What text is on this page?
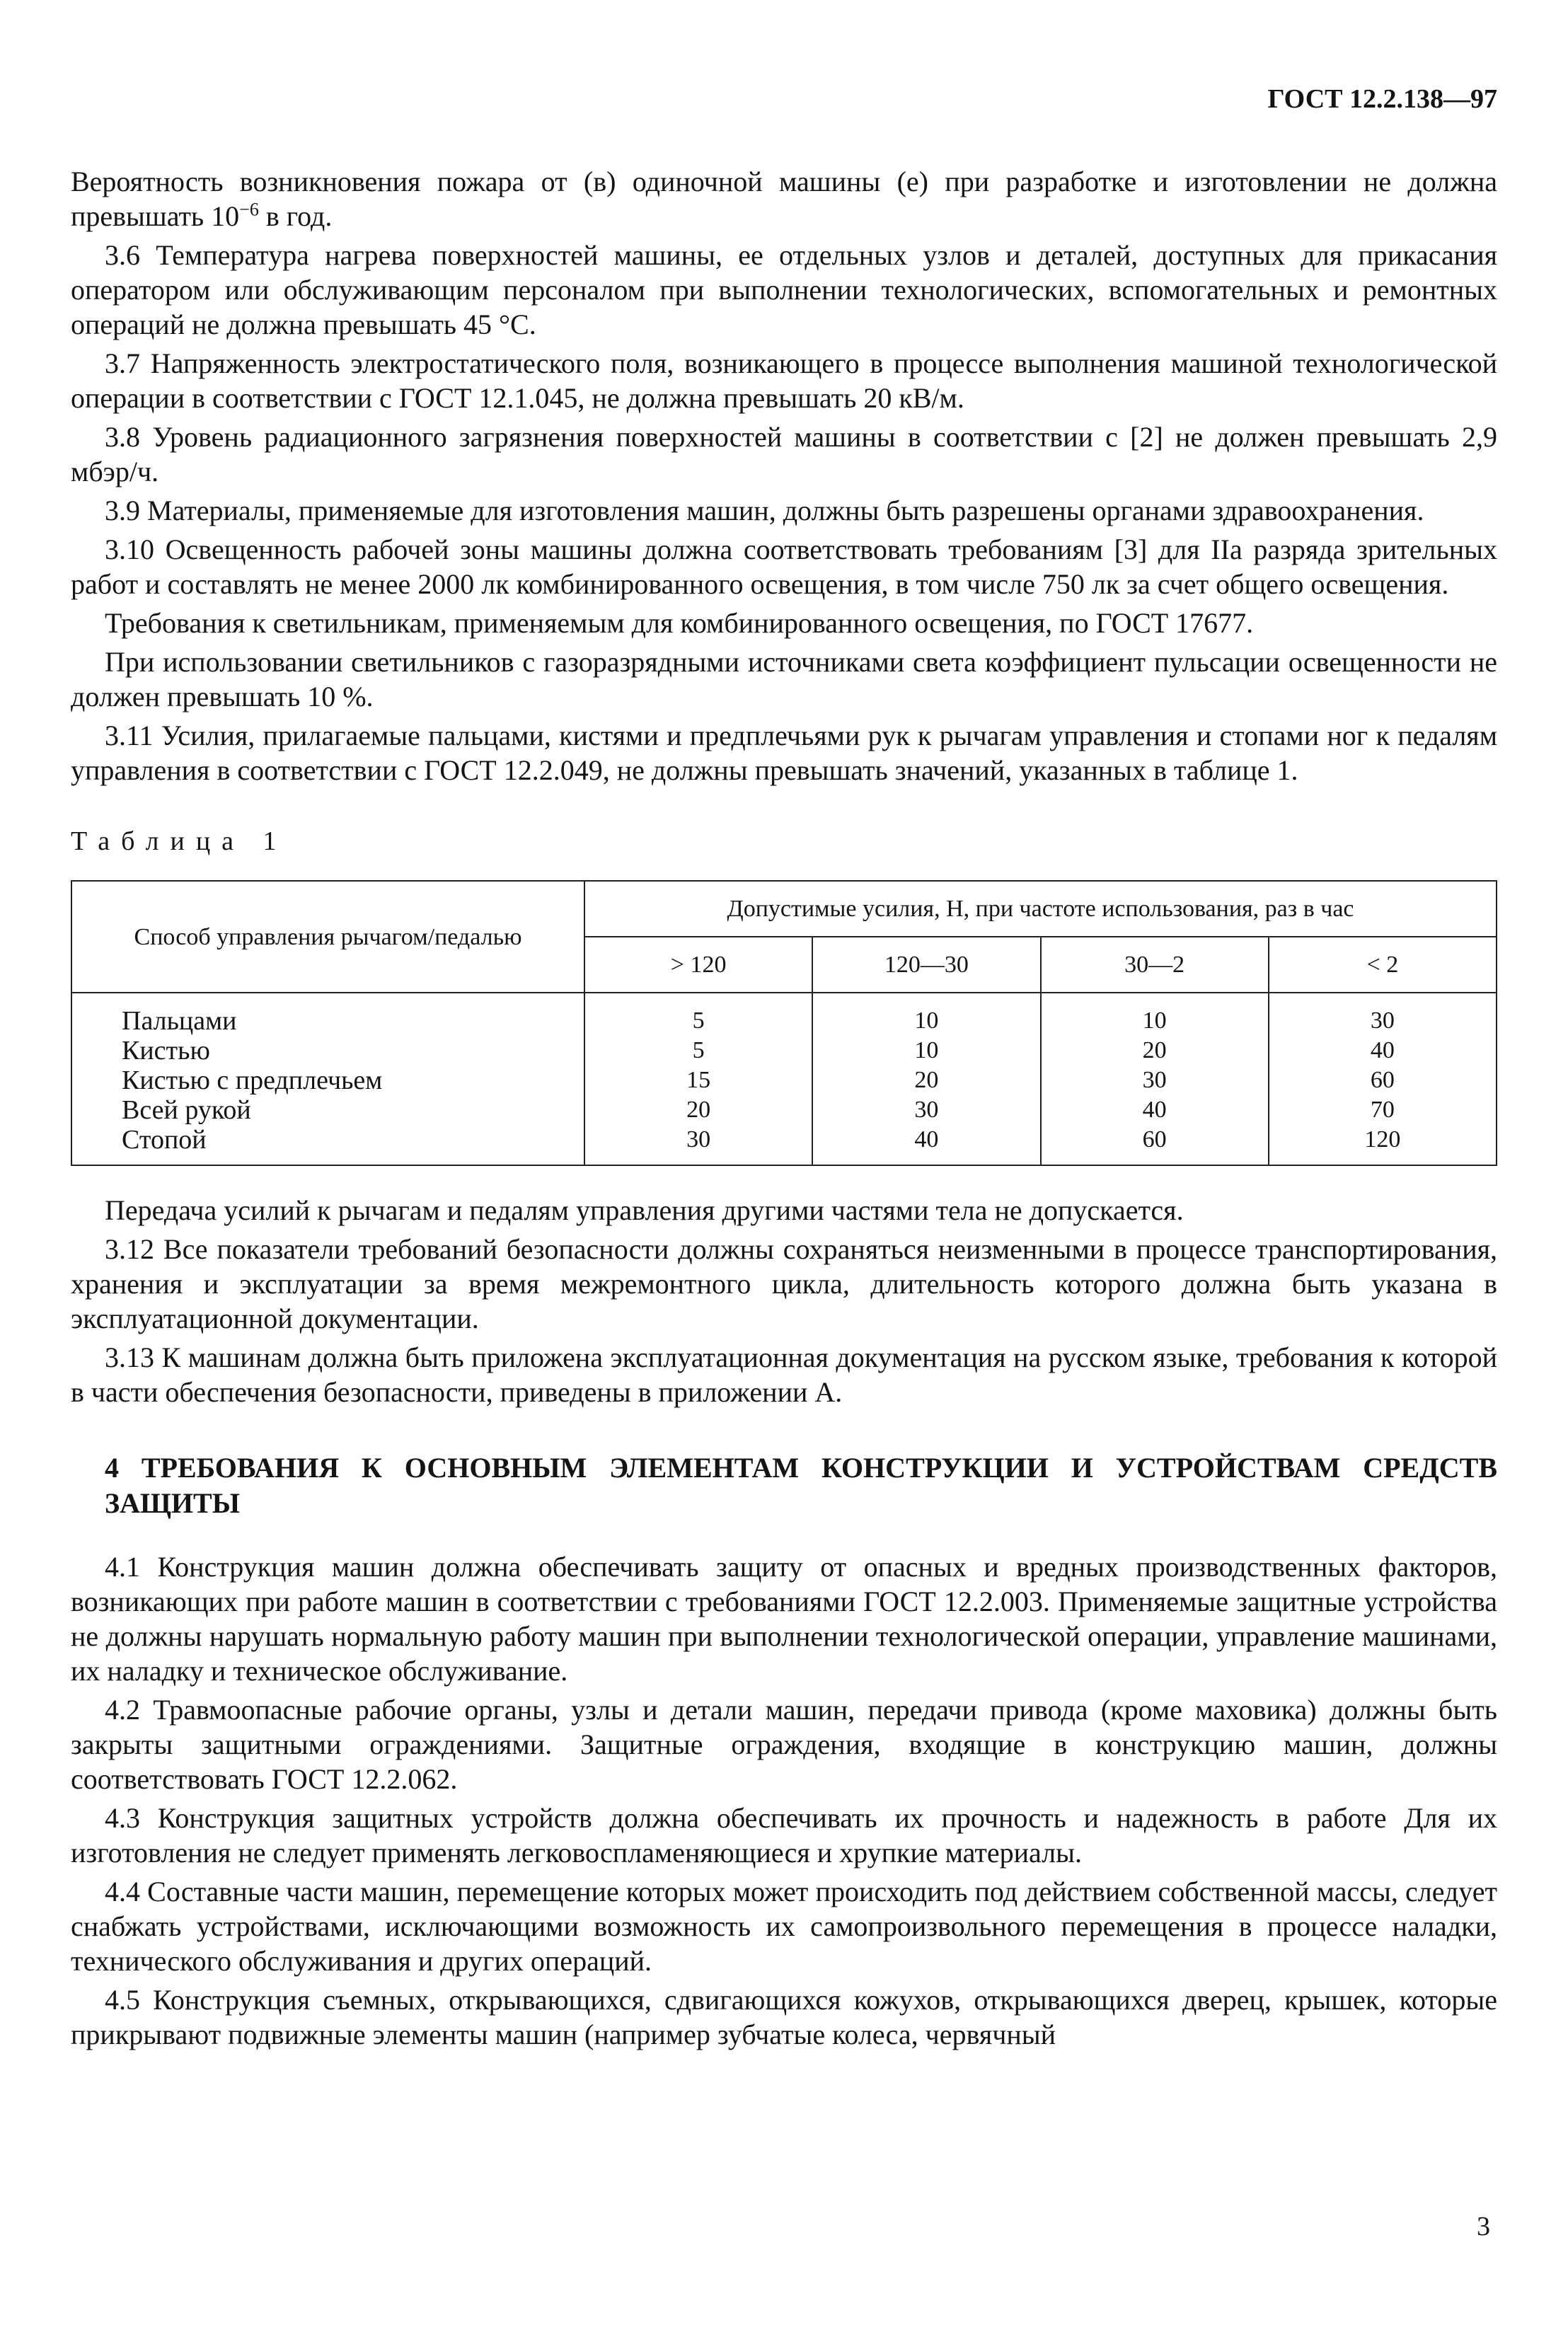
ГОСТ 12.2.138—97

Вероятность возникновения пожара от (в) одиночной машины (е) при разработке и изготовлении не должна превышать $10^{-6}$ в год.

3.6 Температура нагрева поверхностей машины, ее отдельных узлов и деталей, доступных для прикасания оператором или обслуживающим персоналом при выполнении технологических, вспомогательных и ремонтных операций не должна превышать 45 °С.

3.7 Напряженность электростатического поля, возникающего в процессе выполнения машиной технологической операции в соответствии с ГОСТ 12.1.045, не должна превышать 20 кВ/м.

3.8 Уровень радиационного загрязнения поверхностей машины в соответствии с [2] не должен превышать 2,9 мбэр/ч.

3.9 Материалы, применяемые для изготовления машин, должны быть разрешены органами здравоохранения.

3.10 Освещенность рабочей зоны машины должна соответствовать требованиям [3] для IIа разряда зрительных работ и составлять не менее 2000 лк комбинированного освещения, в том числе 750 лк за счет общего освещения.

Требования к светильникам, применяемым для комбинированного освещения, по ГОСТ 17677.

При использовании светильников с газоразрядными источниками света коэффициент пульсации освещенности не должен превышать 10 %.

3.11 Усилия, прилагаемые пальцами, кистями и предплечьями рук к рычагам управления и стопами ног к педалям управления в соответствии с ГОСТ 12.2.049, не должны превышать значений, указанных в таблице 1.

Таблица 1
Способ управления рычагом/педалью	Допустимые усилия, Н, при частоте использования, раз в час			
	> 120	120—30	30—2	< 2
Пальцами	5	10	10	30
Кистью	5	10	20	40
Кистью с предплечьем	15	20	30	60
Всей рукой	20	30	40	70
Стопой	30	40	60	120

Передача усилий к рычагам и педалям управления другими частями тела не допускается.

3.12 Все показатели требований безопасности должны сохраняться неизменными в процессе транспортирования, хранения и эксплуатации за время межремонтного цикла, длительность которого должна быть указана в эксплуатационной документации.

3.13 К машинам должна быть приложена эксплуатационная документация на русском языке, требования к которой в части обеспечения безопасности, приведены в приложении А.

4 ТРЕБОВАНИЯ К ОСНОВНЫМ ЭЛЕМЕНТАМ КОНСТРУКЦИИ И УСТРОЙСТВАМ СРЕДСТВ ЗАЩИТЫ

4.1 Конструкция машин должна обеспечивать защиту от опасных и вредных производственных факторов, возникающих при работе машин в соответствии с требованиями ГОСТ 12.2.003. Применяемые защитные устройства не должны нарушать нормальную работу машин при выполнении технологической операции, управление машинами, их наладку и техническое обслуживание.

4.2 Травмоопасные рабочие органы, узлы и детали машин, передачи привода (кроме маховика) должны быть закрыты защитными ограждениями. Защитные ограждения, входящие в конструкцию машин, должны соответствовать ГОСТ 12.2.062.

4.3 Конструкция защитных устройств должна обеспечивать их прочность и надежность в работе Для их изготовления не следует применять легковоспламеняющиеся и хрупкие материалы.

4.4 Составные части машин, перемещение которых может происходить под действием собственной массы, следует снабжать устройствами, исключающими возможность их самопроизвольного перемещения в процессе наладки, технического обслуживания и других операций.

4.5 Конструкция съемных, открывающихся, сдвигающихся кожухов, открывающихся дверец, крышек, которые прикрывают подвижные элементы машин (например зубчатые колеса, червячный

3
